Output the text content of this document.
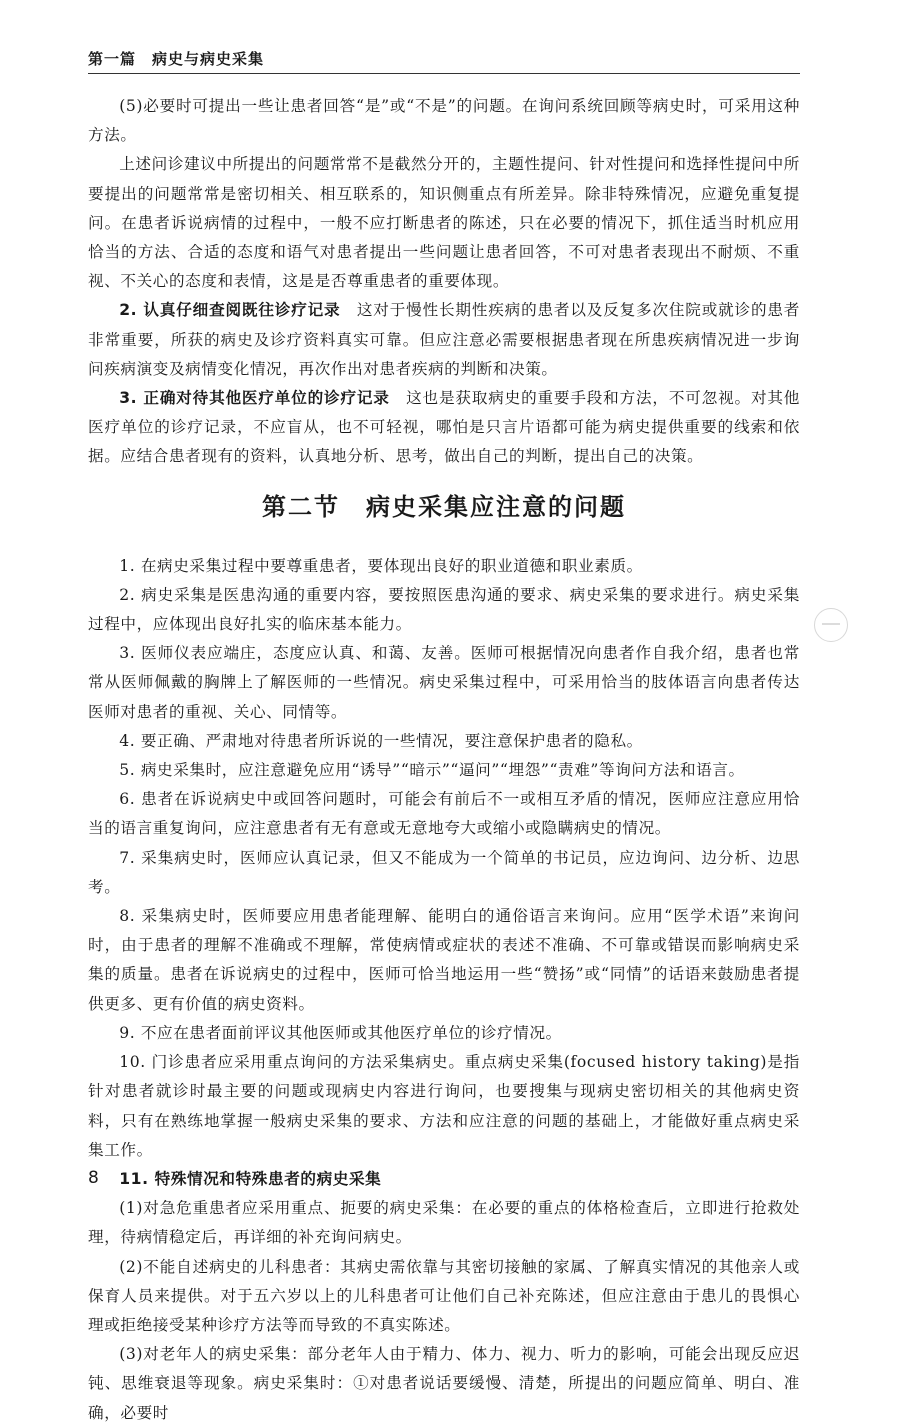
第一篇　病史与病史采集

(5)必要时可提出一些让患者回答“是”或“不是”的问题。在询问系统回顾等病史时，可采用这种方法。

上述问诊建议中所提出的问题常常不是截然分开的，主题性提问、针对性提问和选择性提问中所要提出的问题常常是密切相关、相互联系的，知识侧重点有所差异。除非特殊情况，应避免重复提问。在患者诉说病情的过程中，一般不应打断患者的陈述，只在必要的情况下，抓住适当时机应用恰当的方法、合适的态度和语气对患者提出一些问题让患者回答，不可对患者表现出不耐烦、不重视、不关心的态度和表情，这是是否尊重患者的重要体现。

2. 认真仔细查阅既往诊疗记录　 这对于慢性长期性疾病的患者以及反复多次住院或就诊的患者非常重要，所获的病史及诊疗资料真实可靠。但应注意必需要根据患者现在所患疾病情况进一步询问疾病演变及病情变化情况，再次作出对患者疾病的判断和决策。

3. 正确对待其他医疗单位的诊疗记录　 这也是获取病史的重要手段和方法，不可忽视。对其他医疗单位的诊疗记录，不应盲从，也不可轻视，哪怕是只言片语都可能为病史提供重要的线索和依据。应结合患者现有的资料，认真地分析、思考，做出自己的判断，提出自己的决策。

第二节 病史采集应注意的问题

1. 在病史采集过程中要尊重患者，要体现出良好的职业道德和职业素质。

2. 病史采集是医患沟通的重要内容，要按照医患沟通的要求、病史采集的要求进行。病史采集过程中，应体现出良好扎实的临床基本能力。

3. 医师仪表应端庄，态度应认真、和蔼、友善。医师可根据情况向患者作自我介绍，患者也常常从医师佩戴的胸牌上了解医师的一些情况。病史采集过程中，可采用恰当的肢体语言向患者传达医师对患者的重视、关心、同情等。

4. 要正确、严肃地对待患者所诉说的一些情况，要注意保护患者的隐私。

5. 病史采集时，应注意避免应用“诱导”“暗示”“逼问”“埋怨”“责难”等询问方法和语言。

6. 患者在诉说病史中或回答问题时，可能会有前后不一或相互矛盾的情况，医师应注意应用恰当的语言重复询问，应注意患者有无有意或无意地夸大或缩小或隐瞒病史的情况。

7. 采集病史时，医师应认真记录，但又不能成为一个简单的书记员，应边询问、边分析、边思考。

8. 采集病史时，医师要应用患者能理解、能明白的通俗语言来询问。应用“医学术语”来询问时，由于患者的理解不准确或不理解，常使病情或症状的表述不准确、不可靠或错误而影响病史采集的质量。患者在诉说病史的过程中，医师可恰当地运用一些“赞扬”或“同情”的话语来鼓励患者提供更多、更有价值的病史资料。

9. 不应在患者面前评议其他医师或其他医疗单位的诊疗情况。

10. 门诊患者应采用重点询问的方法采集病史。重点病史采集(focused history taking)是指针对患者就诊时最主要的问题或现病史内容进行询问，也要搜集与现病史密切相关的其他病史资料，只有在熟练地掌握一般病史采集的要求、方法和应注意的问题的基础上，才能做好重点病史采集工作。

11. 特殊情况和特殊患者的病史采集

(1)对急危重患者应采用重点、扼要的病史采集：在必要的重点的体格检查后，立即进行抢救处理，待病情稳定后，再详细的补充询问病史。

(2)不能自述病史的儿科患者：其病史需依靠与其密切接触的家属、了解真实情况的其他亲人或保育人员来提供。对于五六岁以上的儿科患者可让他们自己补充陈述，但应注意由于患儿的畏惧心理或拒绝接受某种诊疗方法等而导致的不真实陈述。

(3)对老年人的病史采集：部分老年人由于精力、体力、视力、听力的影响，可能会出现反应迟钝、思维衰退等现象。病史采集时：①对患者说话要缓慢、清楚，所提出的问题应简单、明白、准确，必要时

8
